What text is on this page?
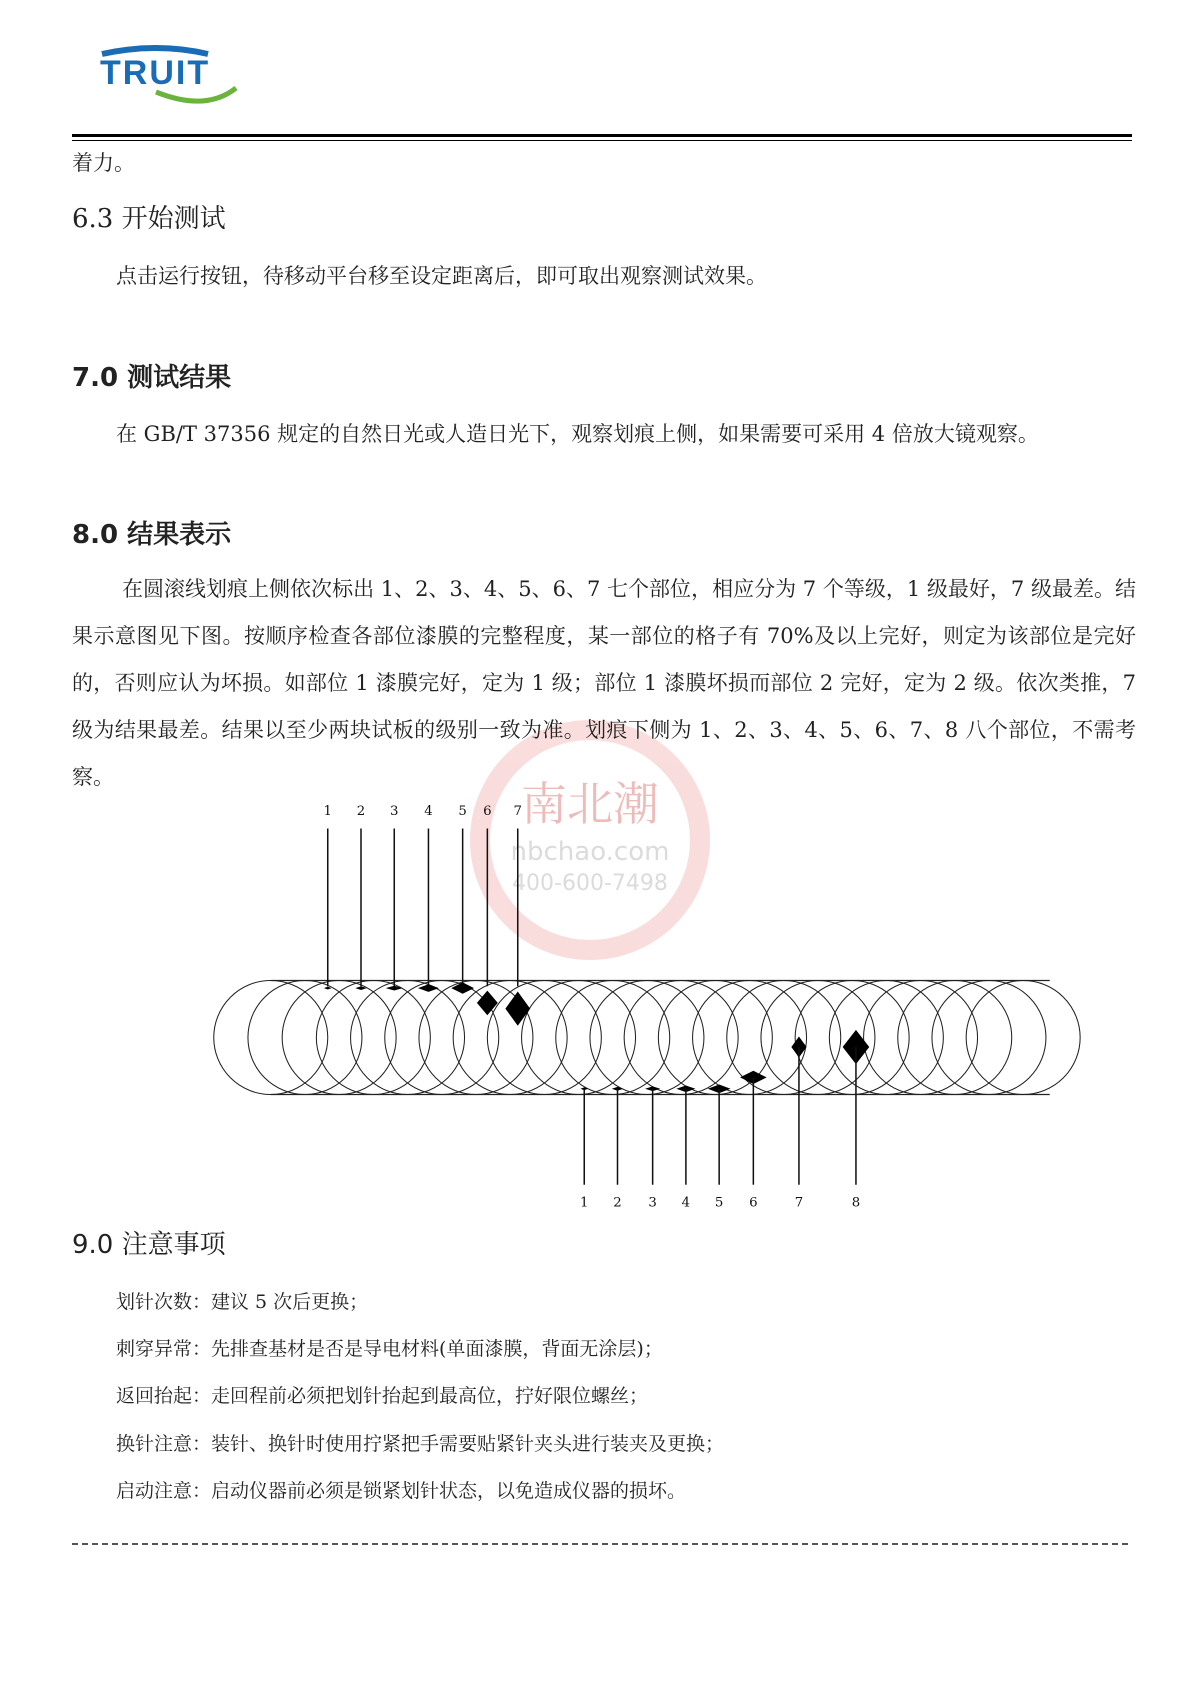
TRUIT
南北潮
nbchao.com
400-600-7498
着力。
6.3 开始测试
点击运行按钮，待移动平台移至设定距离后，即可取出观察测试效果。
7.0 测试结果
在 GB/T 37356 规定的自然日光或人造日光下，观察划痕上侧，如果需要可采用 4 倍放大镜观察。
8.0 结果表示
在圆滚线划痕上侧依次标出 1、2、3、4、5、6、7 七个部位，相应分为 7 个等级，1 级最好，7 级最差。结果示意图见下图。按顺序检查各部位漆膜的完整程度，某一部位的格子有 70%及以上完好，则定为该部位是完好的，否则应认为坏损。如部位 1 漆膜完好，定为 1 级；部位 1 漆膜坏损而部位 2 完好，定为 2 级。依次类推，7 级为结果最差。结果以至少两块试板的级别一致为准。划痕下侧为 1、2、3、4、5、6、7、8 八个部位，不需考察。
1 2 3 4 5 6 7
1 2 3 4 5 6	7	8
9.0 注意事项
划针次数：建议 5 次后更换；
刺穿异常：先排查基材是否是导电材料(单面漆膜，背面无涂层)；
返回抬起：走回程前必须把划针抬起到最高位，拧好限位螺丝；
换针注意：装针、换针时使用拧紧把手需要贴紧针夹头进行装夹及更换；
启动注意：启动仪器前必须是锁紧划针状态，以免造成仪器的损坏。
